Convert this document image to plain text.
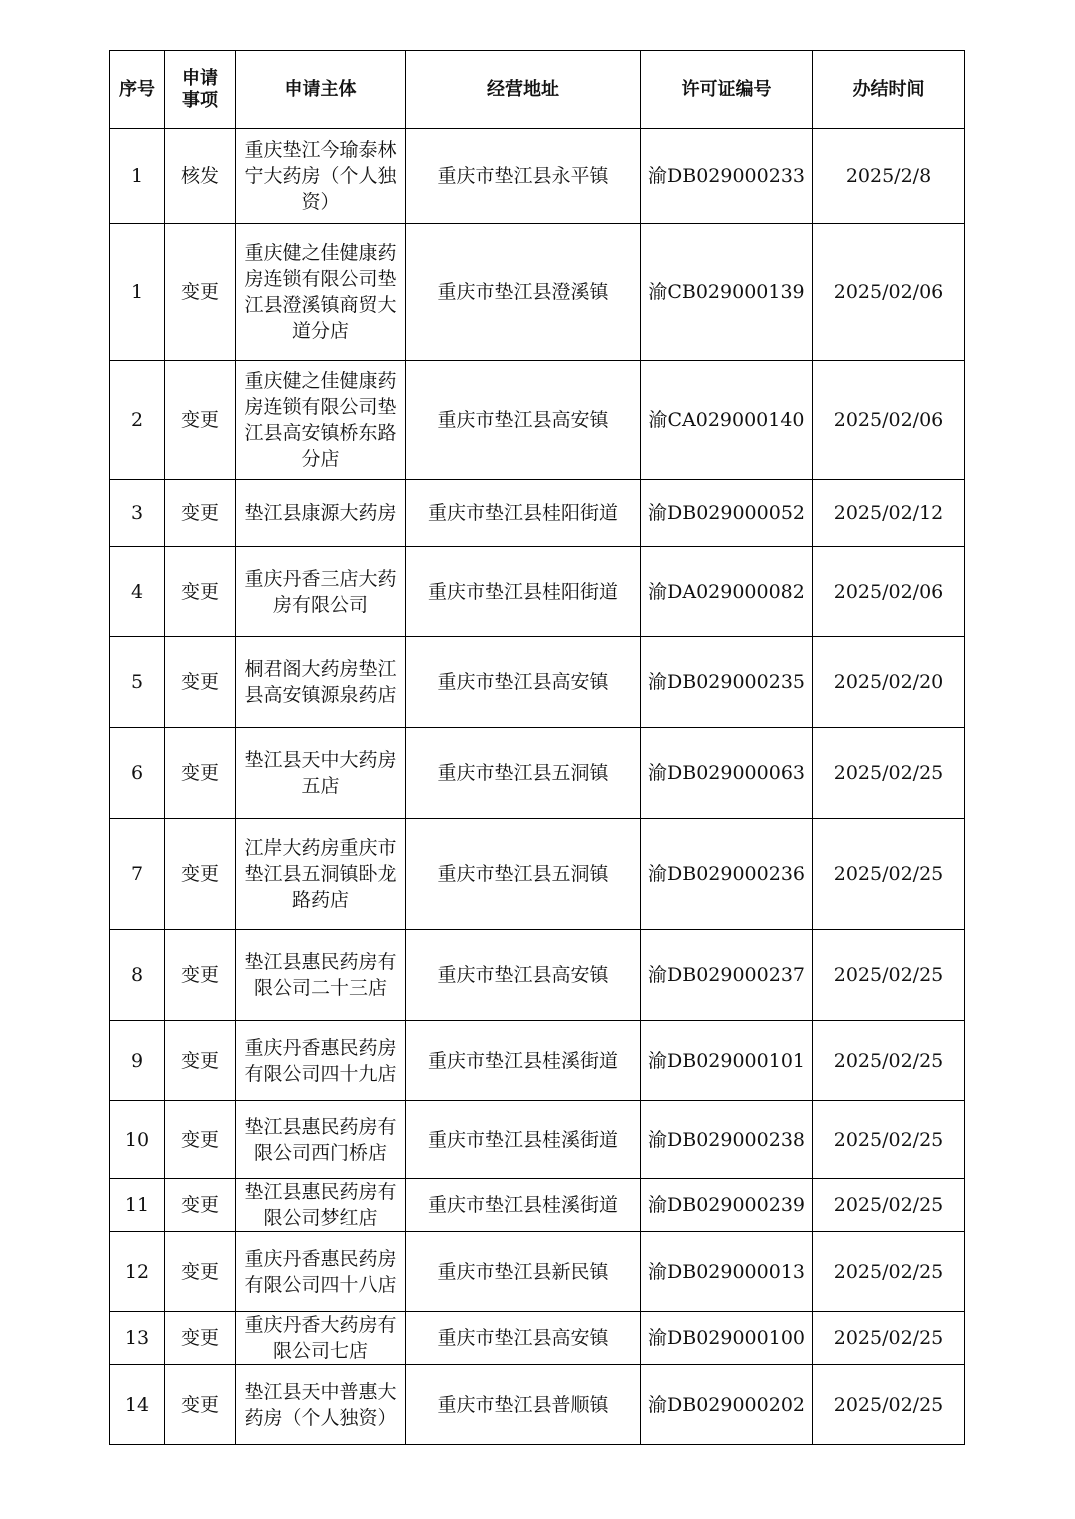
序号	申请事项	申请主体	经营地址	许可证编号	办结时间
1	核发	重庆垫江今瑜泰林宁大药房（个人独资）	重庆市垫江县永平镇	渝DB029000233	2025/2/8
1	变更	重庆健之佳健康药房连锁有限公司垫江县澄溪镇商贸大道分店	重庆市垫江县澄溪镇	渝CB029000139	2025/02/06
2	变更	重庆健之佳健康药房连锁有限公司垫江县高安镇桥东路分店	重庆市垫江县高安镇	渝CA029000140	2025/02/06
3	变更	垫江县康源大药房	重庆市垫江县桂阳街道	渝DB029000052	2025/02/12
4	变更	重庆丹香三店大药房有限公司	重庆市垫江县桂阳街道	渝DA029000082	2025/02/06
5	变更	桐君阁大药房垫江县高安镇源泉药店	重庆市垫江县高安镇	渝DB029000235	2025/02/20
6	变更	垫江县天中大药房五店	重庆市垫江县五洞镇	渝DB029000063	2025/02/25
7	变更	江岸大药房重庆市垫江县五洞镇卧龙路药店	重庆市垫江县五洞镇	渝DB029000236	2025/02/25
8	变更	垫江县惠民药房有限公司二十三店	重庆市垫江县高安镇	渝DB029000237	2025/02/25
9	变更	重庆丹香惠民药房有限公司四十九店	重庆市垫江县桂溪街道	渝DB029000101	2025/02/25
10	变更	垫江县惠民药房有限公司西门桥店	重庆市垫江县桂溪街道	渝DB029000238	2025/02/25
11	变更	垫江县惠民药房有限公司梦红店	重庆市垫江县桂溪街道	渝DB029000239	2025/02/25
12	变更	重庆丹香惠民药房有限公司四十八店	重庆市垫江县新民镇	渝DB029000013	2025/02/25
13	变更	重庆丹香大药房有限公司七店	重庆市垫江县高安镇	渝DB029000100	2025/02/25
14	变更	垫江县天中普惠大药房（个人独资）	重庆市垫江县普顺镇	渝DB029000202	2025/02/25
